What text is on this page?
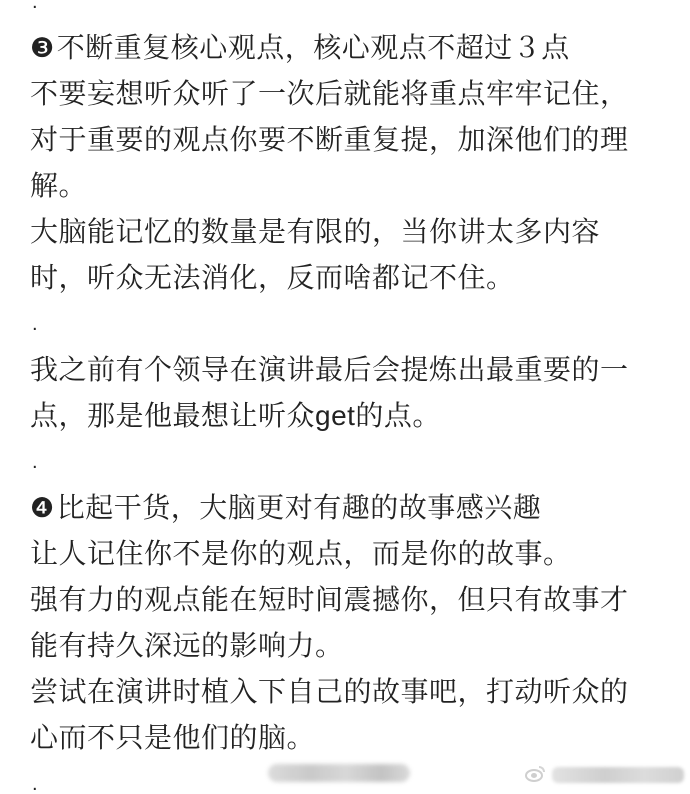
.
❸不断重复核心观点，核心观点不超过３点
不要妄想听众听了一次后就能将重点牢牢记住，
对于重要的观点你要不断重复提，加深他们的理
解。
大脑能记忆的数量是有限的，当你讲太多内容
时，听众无法消化，反而啥都记不住。
.
我之前有个领导在演讲最后会提炼出最重要的一
点，那是他最想让听众get的点。
.
❹比起干货，大脑更对有趣的故事感兴趣
让人记住你不是你的观点，而是你的故事。
强有力的观点能在短时间震撼你，但只有故事才
能有持久深远的影响力。
尝试在演讲时植入下自己的故事吧，打动听众的
心而不只是他们的脑。
.
